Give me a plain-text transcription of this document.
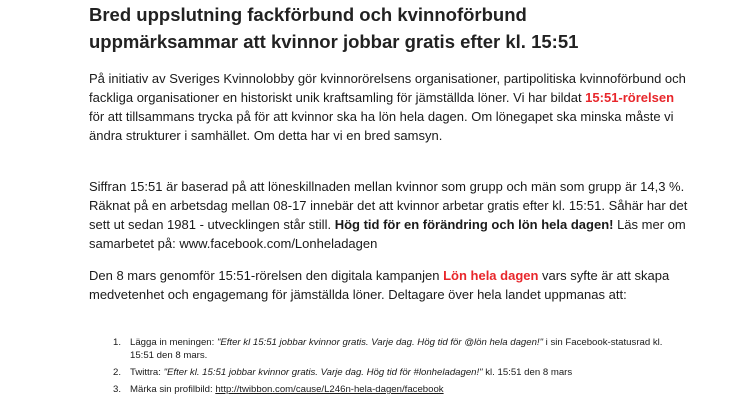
Bred uppslutning fackförbund och kvinnoförbund uppmärksammar att kvinnor jobbar gratis efter kl. 15:51

På initiativ av Sveriges Kvinnolobby gör kvinnorörelsens organisationer, partipolitiska kvinnoförbund och fackliga organisationer en historiskt unik kraftsamling för jämställda löner. Vi har bildat 15:51-rörelsen för att tillsammans trycka på för att kvinnor ska ha lön hela dagen. Om lönegapet ska minska måste vi ändra strukturer i samhället. Om detta har vi en bred samsyn.

Siffran 15:51 är baserad på att löneskillnaden mellan kvinnor som grupp och män som grupp är 14,3 %. Räknat på en arbetsdag mellan 08-17 innebär det att kvinnor arbetar gratis efter kl. 15:51. Såhär har det sett ut sedan 1981 - utvecklingen står still. Hög tid för en förändring och lön hela dagen! Läs mer om samarbetet på: www.facebook.com/Lonheladagen

Den 8 mars genomför 15:51-rörelsen den digitala kampanjen Lön hela dagen vars syfte är att skapa medvetenhet och engagemang för jämställda löner. Deltagare över hela landet uppmanas att:

1. Lägga in meningen: "Efter kl 15:51 jobbar kvinnor gratis. Varje dag. Hög tid för @lön hela dagen!" i sin Facebook-statusrad kl. 15:51 den 8 mars.
2. Twittra: "Efter kl. 15:51 jobbar kvinnor gratis. Varje dag. Hög tid för #lonheladagen!" kl. 15:51 den 8 mars
3. Märka sin profilbild: http://twibbon.com/cause/L246n-hela-dagen/facebook
